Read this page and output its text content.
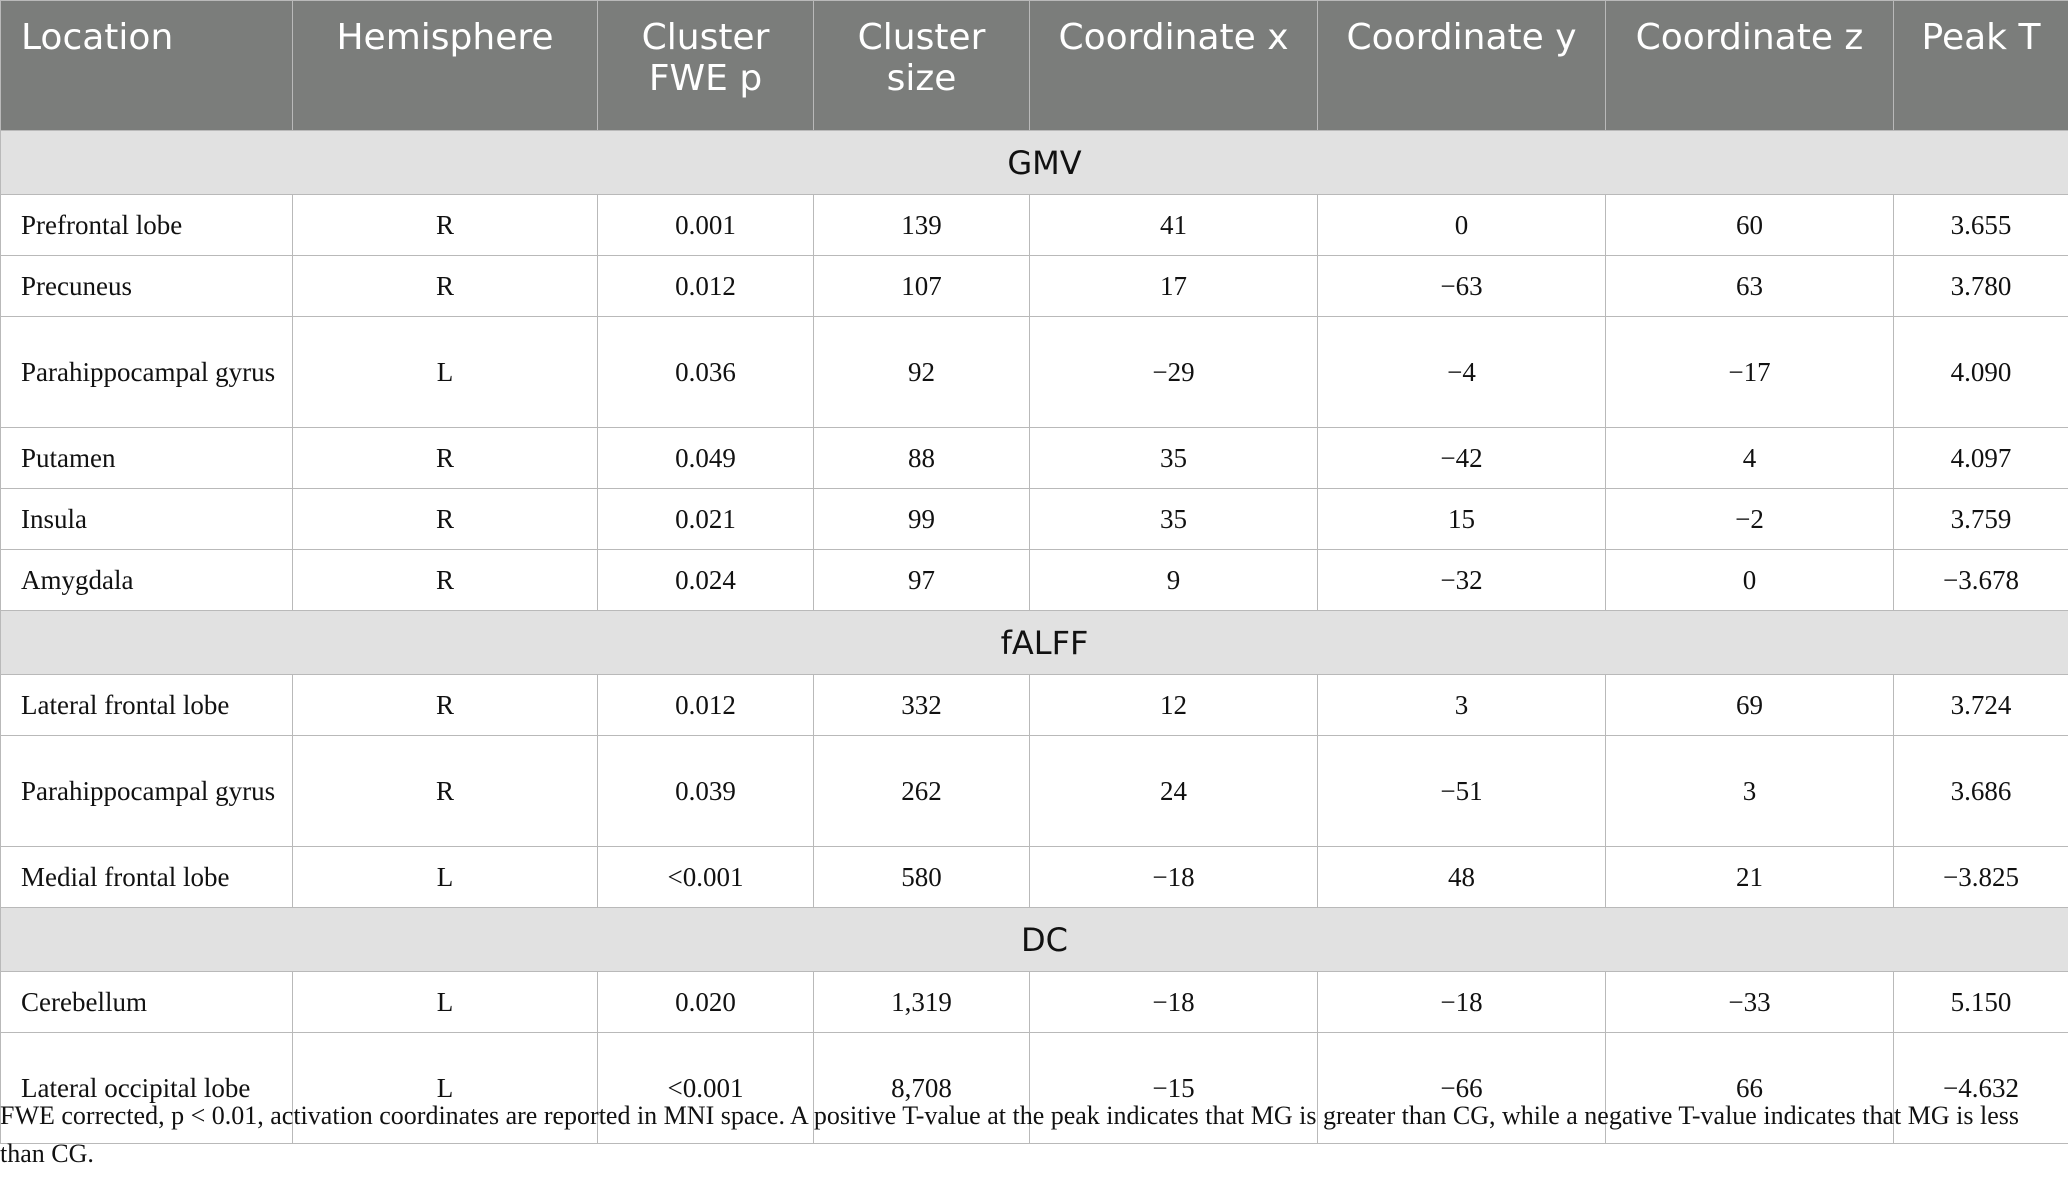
Location	Hemisphere	Cluster FWE p	Cluster size	Coordinate x	Coordinate y	Coordinate z	Peak T
GMV							
Prefrontal lobe	R	0.001	139	41	0	60	3.655
Precuneus	R	0.012	107	17	−63	63	3.780
Parahippocampal gyrus	L	0.036	92	−29	−4	−17	4.090
Putamen	R	0.049	88	35	−42	4	4.097
Insula	R	0.021	99	35	15	−2	3.759
Amygdala	R	0.024	97	9	−32	0	−3.678
fALFF							
Lateral frontal lobe	R	0.012	332	12	3	69	3.724
Parahippocampal gyrus	R	0.039	262	24	−51	3	3.686
Medial frontal lobe	L	<0.001	580	−18	48	21	−3.825
DC							
Cerebellum	L	0.020	1,319	−18	−18	−33	5.150
Lateral occipital lobe	L	<0.001	8,708	−15	−66	66	−4.632

FWE corrected, p < 0.01, activation coordinates are reported in MNI space. A positive T-value at the peak indicates that MG is greater than CG, while a negative T-value indicates that MG is less than CG.
